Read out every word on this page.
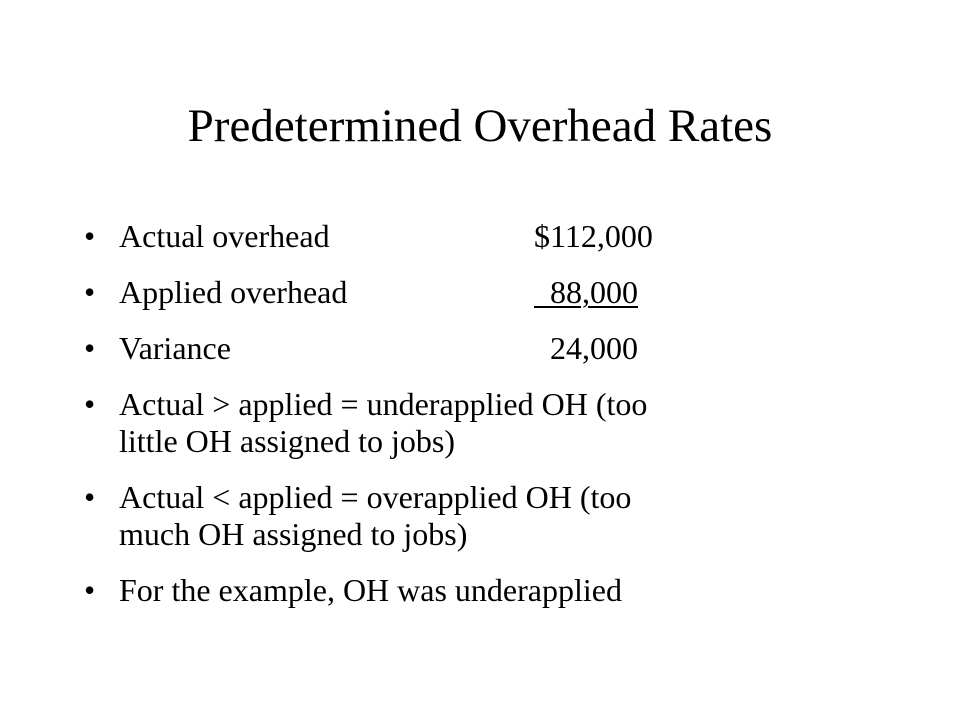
Predetermined Overhead Rates
• Actual overhead	$112,000
• Applied overhead	88,000
• Variance	24,000
• Actual > applied = underapplied OH (too little OH assigned to jobs)
• Actual < applied = overapplied OH (too much OH assigned to jobs)
• For the example, OH was underapplied
